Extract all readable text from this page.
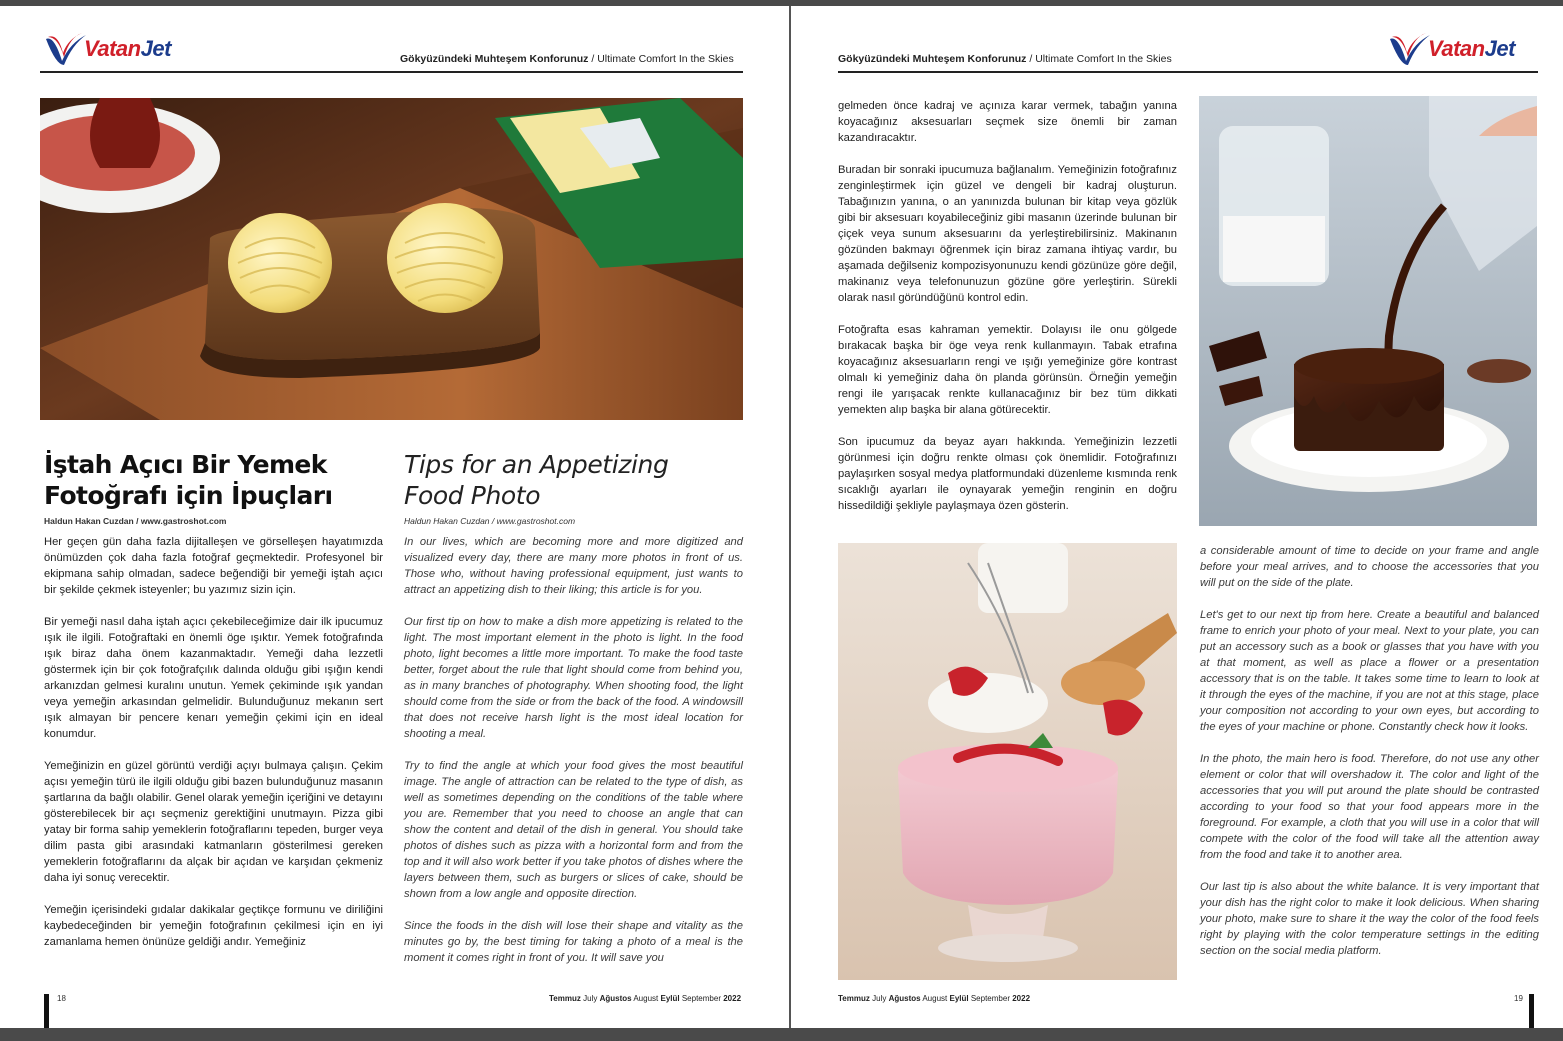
VatanJet	Gökyüzündeki Muhteşem Konforunuz / Ultimate Comfort In the Skies
İştah Açıcı Bir Yemek Fotoğrafı için İpuçları
Haldun Hakan Cuzdan / www.gastroshot.com
Tips for an Appetizing Food Photo
Haldun Hakan Cuzdan / www.gastroshot.com

Her geçen gün daha fazla dijitalleşen ve görselleşen hayatımızda önümüzden çok daha fazla fotoğraf geçmektedir. Profesyonel bir ekipmana sahip olmadan, sadece beğendiği bir yemeği iştah açıcı bir şekilde çekmek isteyenler; bu yazımız sizin için.

Bir yemeği nasıl daha iştah açıcı çekebileceğimize dair ilk ipucumuz ışık ile ilgili. Fotoğraftaki en önemli öge ışıktır. Yemek fotoğrafında ışık biraz daha önem kazanmaktadır. Yemeği daha lezzetli göstermek için bir çok fotoğrafçılık dalında olduğu gibi ışığın kendi arkanızdan gelmesi kuralını unutun. Yemek çekiminde ışık yandan veya yemeğin arkasından gelmelidir. Bulunduğunuz mekanın sert ışık almayan bir pencere kenarı yemeğin çekimi için en ideal konumdur.

Yemeğinizin en güzel görüntü verdiği açıyı bulmaya çalışın. Çekim açısı yemeğin türü ile ilgili olduğu gibi bazen bulunduğunuz masanın şartlarına da bağlı olabilir. Genel olarak yemeğin içeriğini ve detayını gösterebilecek bir açı seçmeniz gerektiğini unutmayın. Pizza gibi yatay bir forma sahip yemeklerin fotoğraflarını tepeden, burger veya dilim pasta gibi arasındaki katmanların gösterilmesi gereken yemeklerin fotoğraflarını da alçak bir açıdan ve karşıdan çekmeniz daha iyi sonuç verecektir.

Yemeğin içerisindeki gıdalar dakikalar geçtikçe formunu ve diriliğini kaybedeceğinden bir yemeğin fotoğrafının çekilmesi için en iyi zamanlama hemen önünüze geldiği andır. Yemeğiniz

In our lives, which are becoming more and more digitized and visualized every day, there are many more photos in front of us. Those who, without having professional equipment, just wants to attract an appetizing dish to their liking; this article is for you.

Our first tip on how to make a dish more appetizing is related to the light. The most important element in the photo is light. In the food photo, light becomes a little more important. To make the food taste better, forget about the rule that light should come from behind you, as in many branches of photography. When shooting food, the light should come from the side or from the back of the food. A windowsill that does not receive harsh light is the most ideal location for shooting a meal.

Try to find the angle at which your food gives the most beautiful image. The angle of attraction can be related to the type of dish, as well as sometimes depending on the conditions of the table where you are. Remember that you need to choose an angle that can show the content and detail of the dish in general. You should take photos of dishes such as pizza with a horizontal form and from the top and it will also work better if you take photos of dishes where the layers between them, such as burgers or slices of cake, should be shown from a low angle and opposite direction.

Since the foods in the dish will lose their shape and vitality as the minutes go by, the best timing for taking a photo of a meal is the moment it comes right in front of you. It will save you

18	Temmuz July Ağustos August Eylül September 2022
Gökyüzündeki Muhteşem Konforunuz / Ultimate Comfort In the Skies	VatanJet

gelmeden önce kadraj ve açınıza karar vermek, tabağın yanına koyacağınız aksesuarları seçmek size önemli bir zaman kazandıracaktır.

Buradan bir sonraki ipucumuza bağlanalım. Yemeğinizin fotoğrafınız zenginleştirmek için güzel ve dengeli bir kadraj oluşturun. Tabağınızın yanına, o an yanınızda bulunan bir kitap veya gözlük gibi bir aksesuarı koyabileceğiniz gibi masanın üzerinde bulunan bir çiçek veya sunum aksesuarını da yerleştirebilirsiniz. Makinanın gözünden bakmayı öğrenmek için biraz zamana ihtiyaç vardır, bu aşamada değilseniz kompozisyonunuzu kendi gözünüze göre değil, makinanız veya telefonunuzun gözüne göre yerleştirin. Sürekli olarak nasıl göründüğünü kontrol edin.

Fotoğrafta esas kahraman yemektir. Dolayısı ile onu gölgede bırakacak başka bir öge veya renk kullanmayın. Tabak etrafına koyacağınız aksesuarların rengi ve ışığı yemeğinize göre kontrast olmalı ki yemeğiniz daha ön planda görünsün. Örneğin yemeğin rengi ile yarışacak renkte kullanacağınız bir bez tüm dikkati yemekten alıp başka bir alana götürecektir.

Son ipucumuz da beyaz ayarı hakkında. Yemeğinizin lezzetli görünmesi için doğru renkte olması çok önemlidir. Fotoğrafınızı paylaşırken sosyal medya platformundaki düzenleme kısmında renk sıcaklığı ayarları ile oynayarak yemeğin renginin en doğru hissedildiği şekliyle paylaşmaya özen gösterin.

a considerable amount of time to decide on your frame and angle before your meal arrives, and to choose the accessories that you will put on the side of the plate.

Let's get to our next tip from here. Create a beautiful and balanced frame to enrich your photo of your meal. Next to your plate, you can put an accessory such as a book or glasses that you have with you at that moment, as well as place a flower or a presentation accessory that is on the table. It takes some time to learn to look at it through the eyes of the machine, if you are not at this stage, place your composition not according to your own eyes, but according to the eyes of your machine or phone. Constantly check how it looks.

In the photo, the main hero is food. Therefore, do not use any other element or color that will overshadow it. The color and light of the accessories that you will put around the plate should be contrasted according to your food so that your food appears more in the foreground. For example, a cloth that you will use in a color that will compete with the color of the food will take all the attention away from the food and take it to another area.

Our last tip is also about the white balance. It is very important that your dish has the right color to make it look delicious. When sharing your photo, make sure to share it the way the color of the food feels right by playing with the color temperature settings in the editing section on the social media platform.

Temmuz July Ağustos August Eylül September 2022	19
